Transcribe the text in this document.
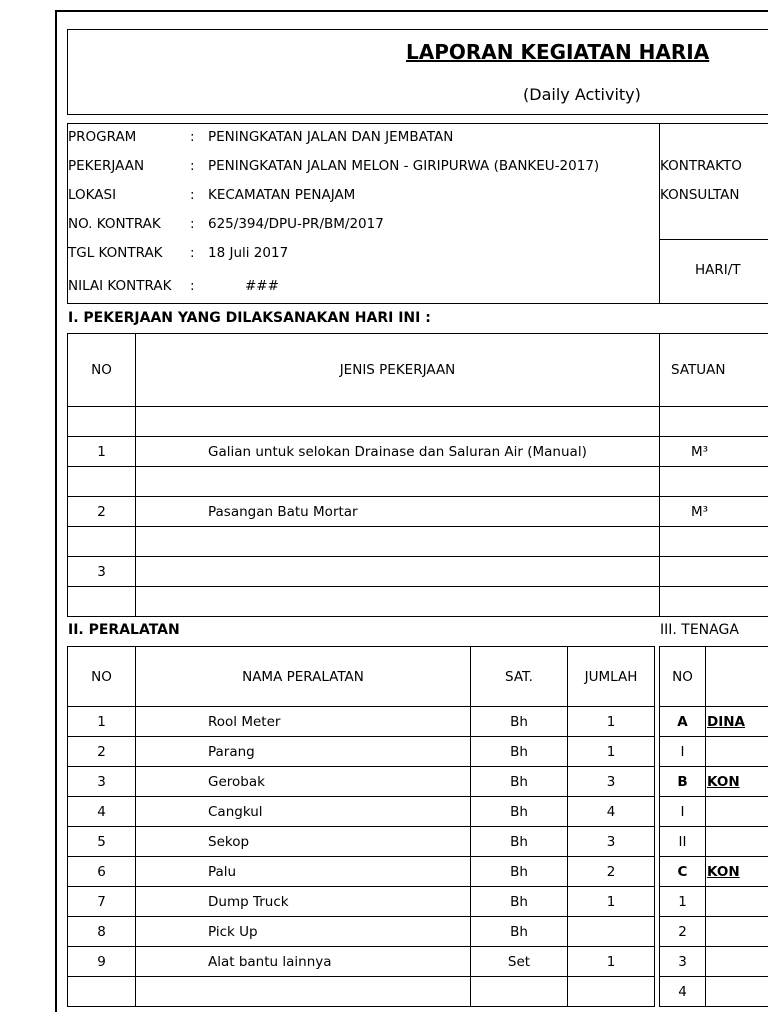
LAPORAN KEGIATAN HARIA
(Daily Activity)
PROGRAM	: PENINGKATAN JALAN DAN JEMBATAN
PEKERJAAN	: PENINGKATAN JALAN MELON - GIRIPURWA (BANKEU-2017)
LOKASI	: KECAMATAN PENAJAM
NO. KONTRAK : 625/394/DPU-PR/BM/2017
TGL KONTRAK : 18 Juli 2017
NILAI KONTRAK :	###
KONTRAKTO
KONSULTAN
HARI/T
I. PEKERJAAN YANG DILAKSANAKAN HARI INI :
NO	JENIS PEKERJAAN	SATUAN

1	Galian untuk selokan Drainase dan Saluran Air (Manual)	M³

2	Pasangan Batu Mortar	M³

3		

II. PERALATAN
NO	NAMA PERALATAN	SAT.	JUMLAH
1	Rool Meter	Bh	1
2	Parang	Bh	1
3	Gerobak	Bh	3
4	Cangkul	Bh	4
5	Sekop	Bh	3
6	Palu	Bh	2
7	Dump Truck	Bh	1
8	Pick Up	Bh	
9	Alat bantu lainnya	Set	1

III. TENAGA
NO	
A	DINA
I	
B	KON
I	
II	
C	KON
1	
2	
3	
4	
